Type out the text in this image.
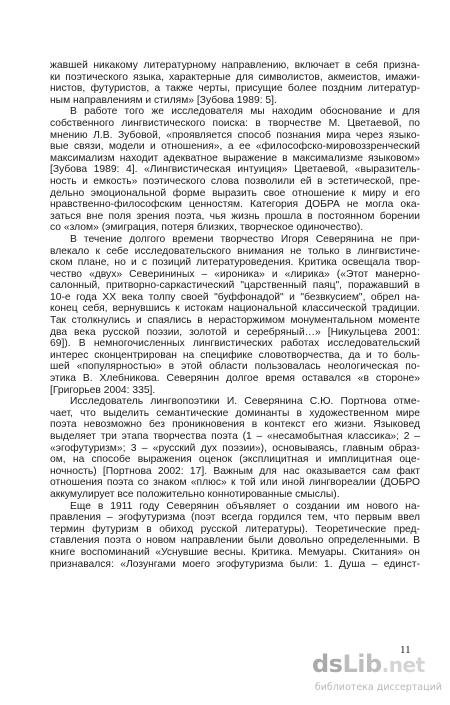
жавшей никакому литературному направлению, включает в себя призна-
ки поэтического языка, характерные для символистов, акмеистов, имажи-
нистов, футуристов, а также черты, присущие более поздним литератур-
ным направлениям и стилям» [Зубова 1989: 5].
В работе того же исследователя мы находим обоснование и для
собственного лингвистического поиска: в творчестве М. Цветаевой, по
мнению Л.В. Зубовой, «проявляется способ познания мира через языко-
вые связи, модели и отношения», а ее «философско-мировоззренческий
максимализм находит адекватное выражение в максимализме языковом»
[Зубова 1989: 4]. «Лингвистическая интуиция» Цветаевой, «выразитель-
ность и емкость» поэтического слова позволили ей в эстетической, пре-
дельно эмоциональной форме выразить свое отношение к миру и его
нравственно-философским ценностям. Категория ДОБРА не могла ока-
заться вне поля зрения поэта, чья жизнь прошла в постоянном борении
со «злом» (эмиграция, потеря близких, творческое одиночество).
В течение долгого времени творчество Игоря Северянина не при-
влекало к себе исследовательского внимания не только в лингвистиче-
ском плане, но и с позиций литературоведения. Критика освещала твор-
чество «двух» Северининых – «ироника» и «лирика» («Этот манерно-
салонный, притворно-саркастический "царственный паяц", поражавший в
10-е года XX века толпу своей "буффонадой" и "безвкусием", обрел на-
конец себя, вернувшись к истокам национальной классической традиции.
Так столкнулись и спаялись в нерасторжимом монументальном моменте
два века русской поэзии, золотой и серебряный…» [Никульцева 2001:
69]). В немногочисленных лингвистических работах исследовательский
интерес сконцентрирован на специфике словотворчества, да и то боль-
шей «популярностью» в этой области пользовалась неологическая по-
этика В. Хлебникова. Северянин долгое время оставался «в стороне»
[Григорьев 2004: 335].
Исследователь лингвопоэтики И. Северянина С.Ю. Портнова отме-
чает, что выделить семантические доминанты в художественном мире
поэта невозможно без проникновения в контекст его жизни. Языковед
выделяет три этапа творчества поэта (1 – «несамобытная классика»; 2 –
«эгофутуризм»; 3 – «русский дух поэзии»), основываясь, главным образ-
ом, на способе выражения оценок (эксплицитная и имплицитная оце-
ночность) [Портнова 2002: 17]. Важным для нас оказывается сам факт
отношения поэта со знаком «плюс» к той или иной лингвореалии (ДОБРО
аккумулирует все положительно коннотированные смыслы).
Еще в 1911 году Северянин объявляет о создании им нового на-
правления – эгофутуризма (поэт всегда гордился тем, что первым ввел
термин футуризм в обиход русской литературы). Теоретические пред-
ставления поэта о новом направлении были довольно определенными. В
книге воспоминаний «Уснувшие весны. Критика. Мемуары. Скитания» он
признавался: «Лозунгами моего эгофутуризма были: 1. Душа – единст-
11
dsLib.net
библиотека диссертаций
